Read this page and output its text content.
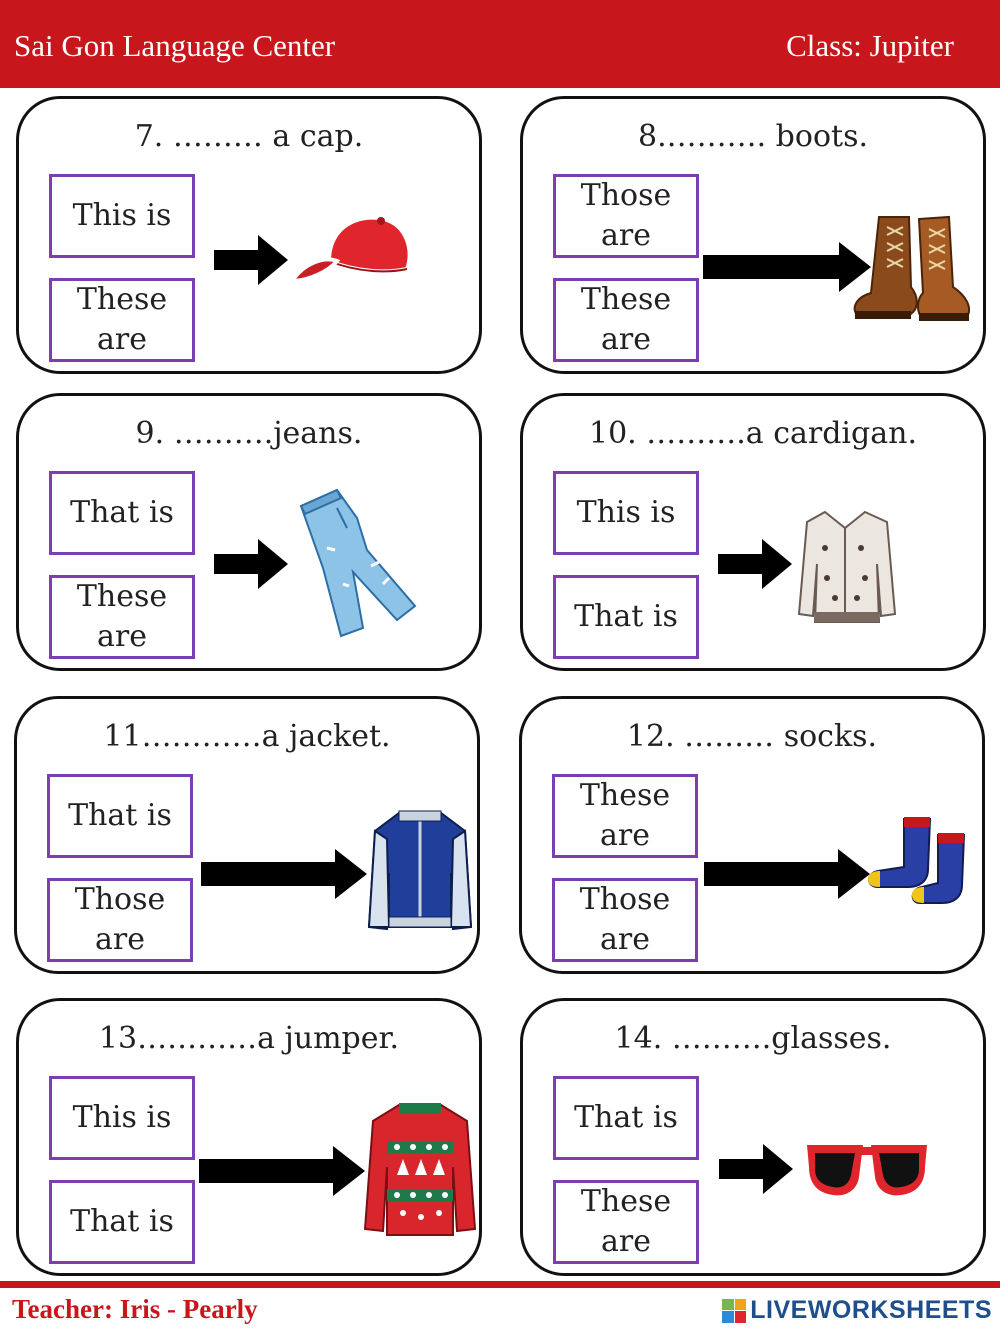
Sai Gon Language Center	Class: Jupiter
7. ……… a cap.
This is
These are
8.………. boots.
Those are
These are
9. ……….jeans.
That is
These are
10. ……….a cardigan.
This is
That is
11…………a jacket.
That is
Those are
12. ……… socks.
These are
Those are
13…………a jumper.
This is
That is
14. ……….glasses.
That is
These are
Teacher: Iris - Pearly	LIVEWORKSHEETS
